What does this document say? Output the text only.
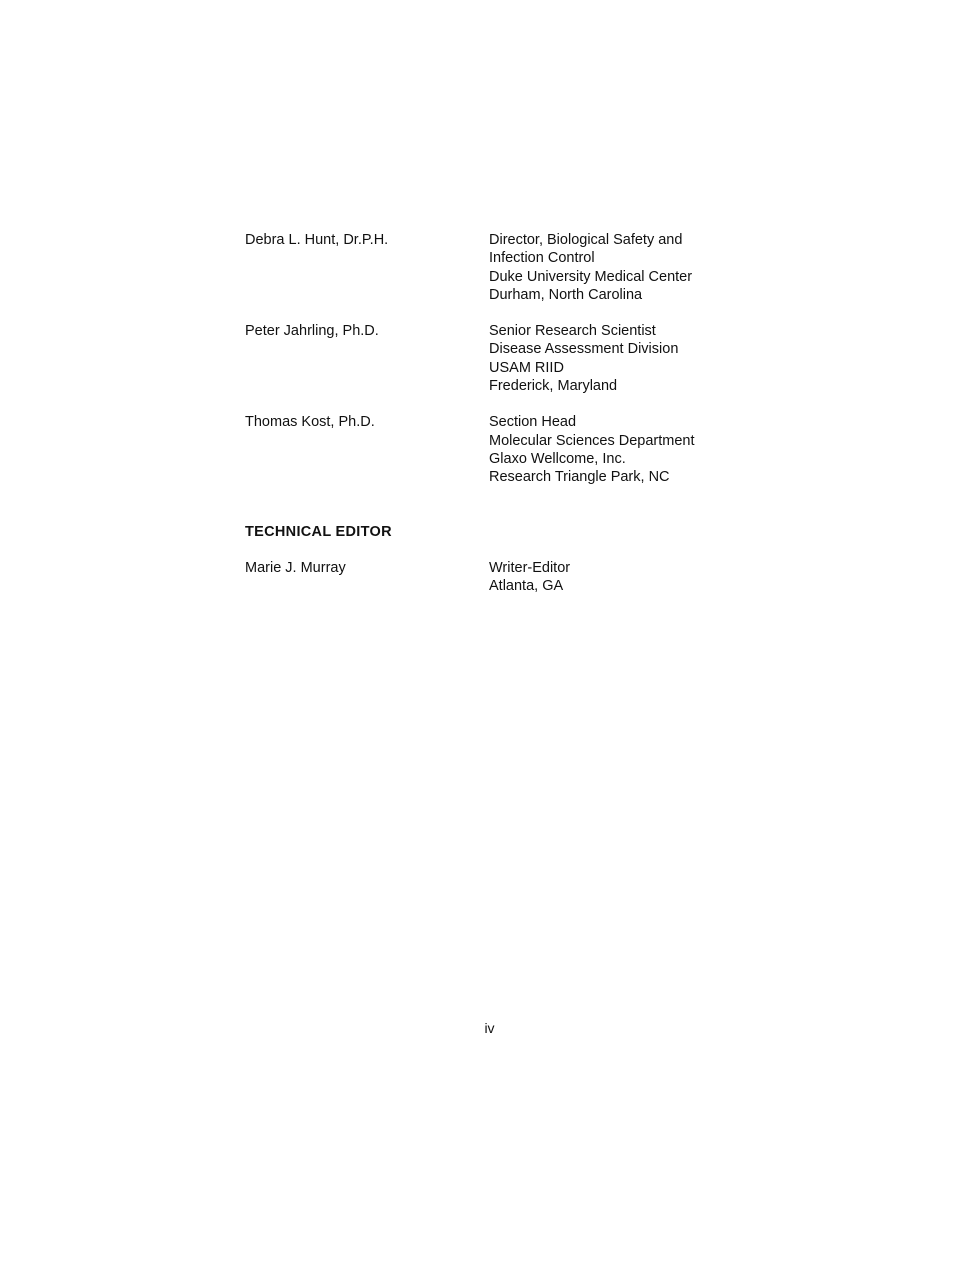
Debra L. Hunt, Dr.P.H.	Director, Biological Safety and
Infection Control
Duke University Medical Center
Durham, North Carolina
Peter Jahrling, Ph.D.	Senior Research Scientist
Disease Assessment Division
USAM RIID
Frederick, Maryland
Thomas Kost, Ph.D.	Section Head
Molecular Sciences Department
Glaxo Wellcome, Inc.
Research Triangle Park, NC
TECHNICAL EDITOR
Marie J. Murray	Writer-Editor
Atlanta, GA
iv
